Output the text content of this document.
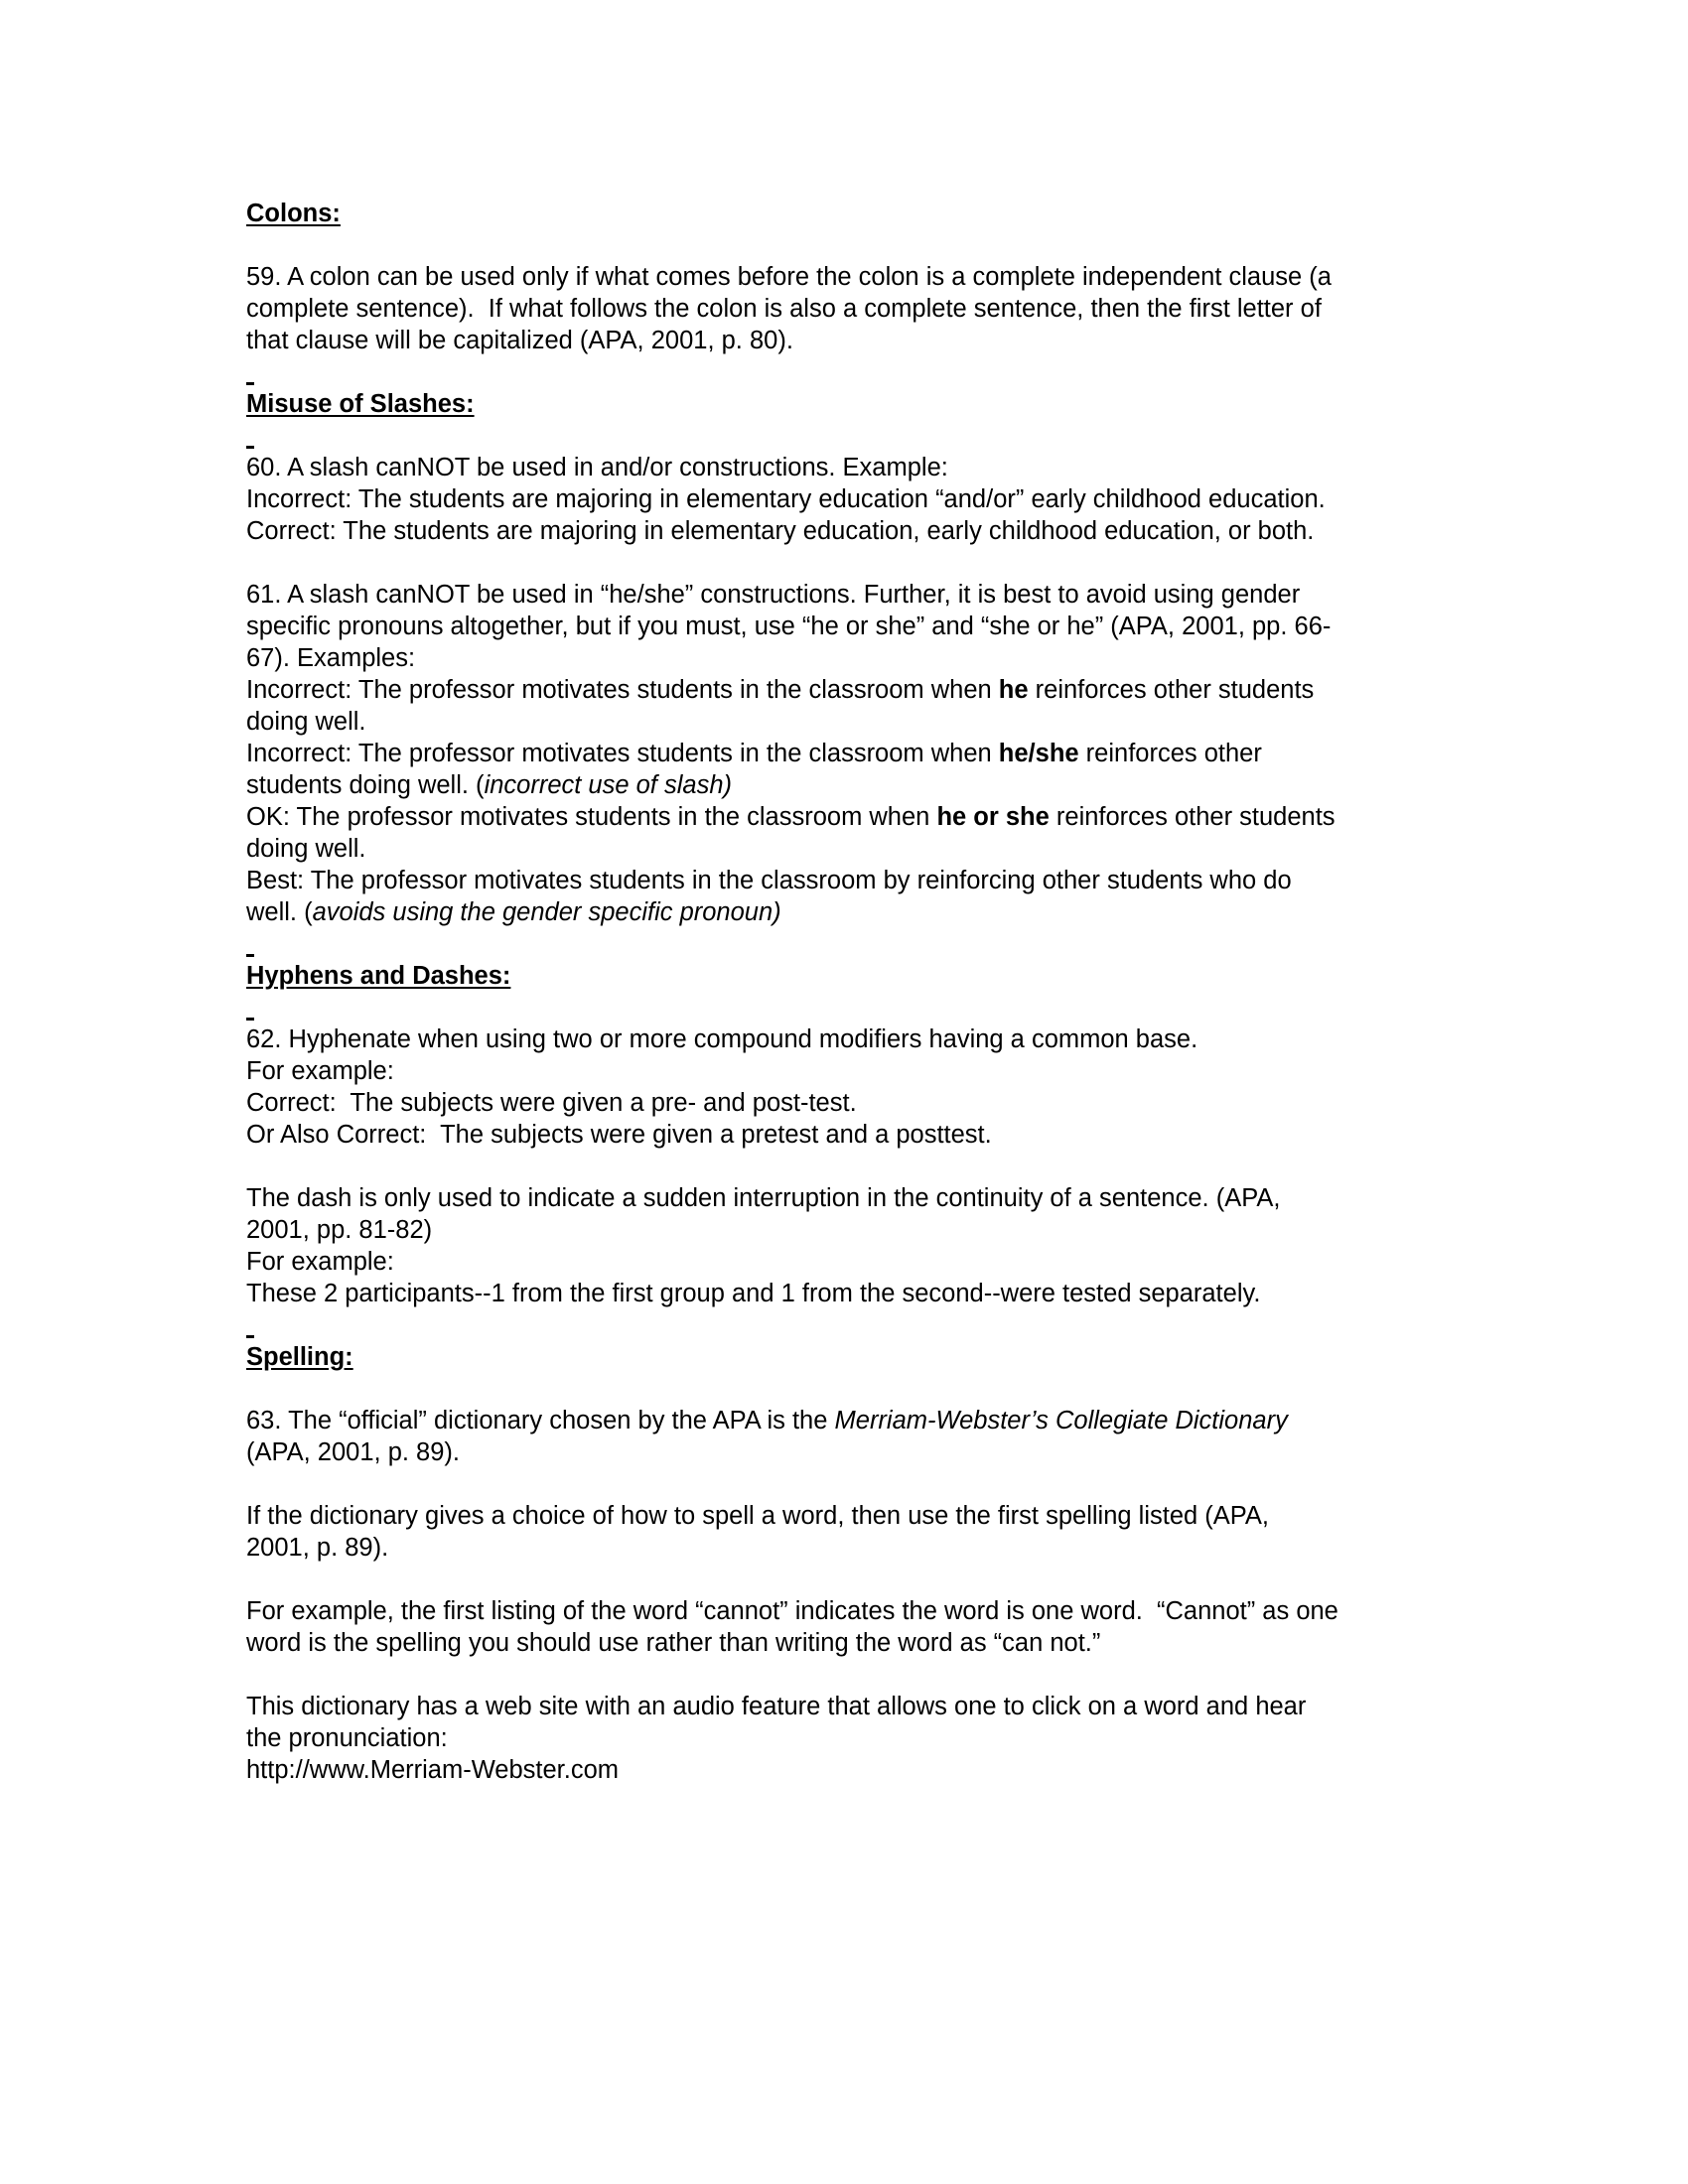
Colons:
59. A colon can be used only if what comes before the colon is a complete independent clause (a
complete sentence).  If what follows the colon is also a complete sentence, then the first letter of
that clause will be capitalized (APA, 2001, p. 80).
Misuse of Slashes:
60. A slash canNOT be used in and/or constructions. Example:
Incorrect: The students are majoring in elementary education “and/or” early childhood education.
Correct: The students are majoring in elementary education, early childhood education, or both.
61. A slash canNOT be used in “he/she” constructions. Further, it is best to avoid using gender
specific pronouns altogether, but if you must, use “he or she” and “she or he” (APA, 2001, pp. 66-
67). Examples:
Incorrect: The professor motivates students in the classroom when he reinforces other students
doing well.
Incorrect: The professor motivates students in the classroom when he/she reinforces other
students doing well. (incorrect use of slash)
OK: The professor motivates students in the classroom when he or she reinforces other students
doing well.
Best: The professor motivates students in the classroom by reinforcing other students who do
well. (avoids using the gender specific pronoun)
Hyphens and Dashes:
62. Hyphenate when using two or more compound modifiers having a common base.
For example:
Correct:  The subjects were given a pre- and post-test.
Or Also Correct:  The subjects were given a pretest and a posttest.
The dash is only used to indicate a sudden interruption in the continuity of a sentence. (APA,
2001, pp. 81-82)
For example:
These 2 participants--1 from the first group and 1 from the second--were tested separately.
Spelling:
63. The “official” dictionary chosen by the APA is the Merriam-Webster’s Collegiate Dictionary
(APA, 2001, p. 89).
If the dictionary gives a choice of how to spell a word, then use the first spelling listed (APA,
2001, p. 89).
For example, the first listing of the word “cannot” indicates the word is one word.  “Cannot” as one
word is the spelling you should use rather than writing the word as “can not.”
This dictionary has a web site with an audio feature that allows one to click on a word and hear
the pronunciation:
http://www.Merriam-Webster.com
